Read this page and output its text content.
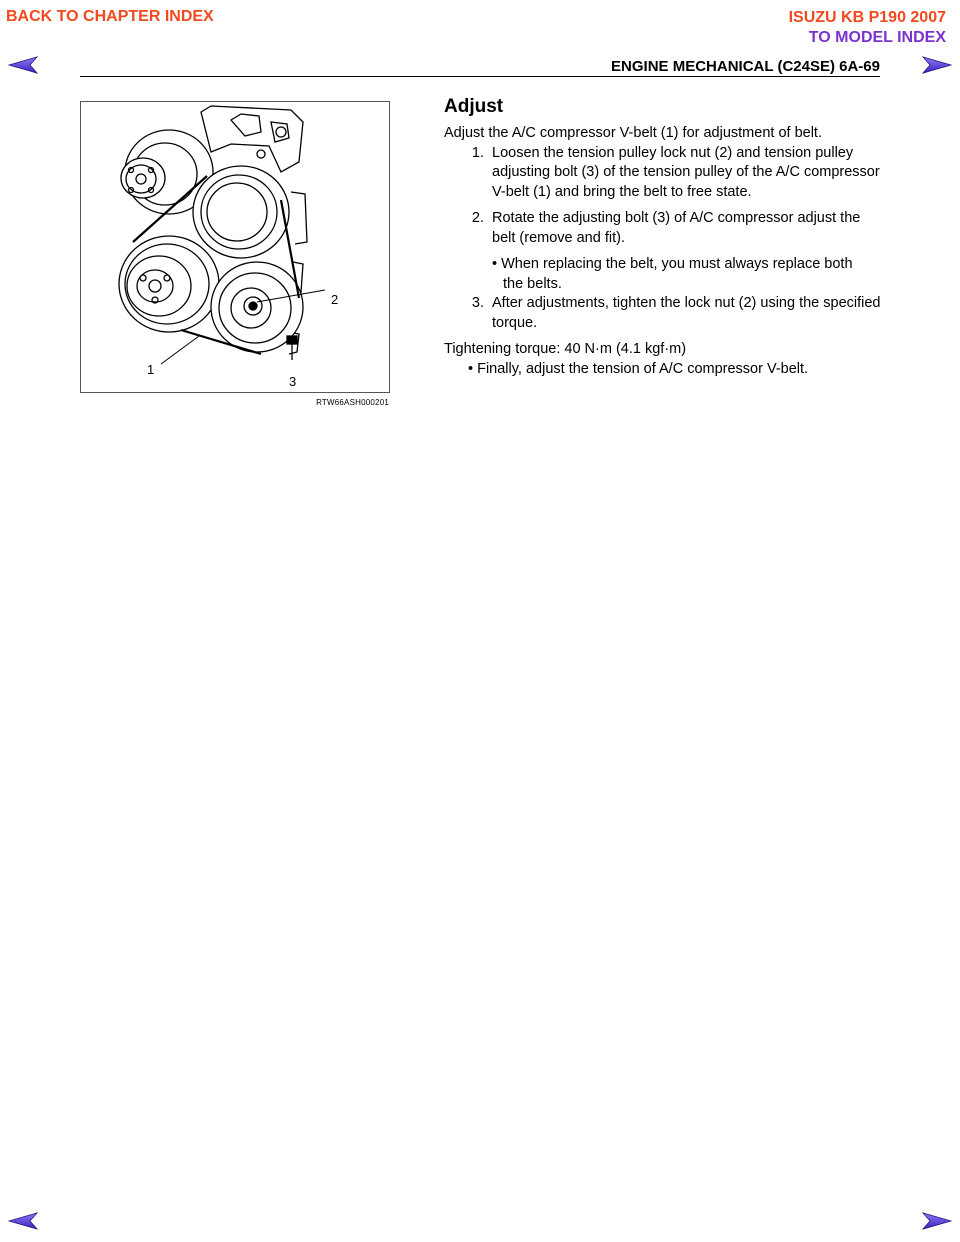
BACK TO CHAPTER INDEX	ISUZU KB P190 2007
TO MODEL INDEX
ENGINE MECHANICAL (C24SE) 6A-69
2
1
3
RTW66ASH000201
Adjust

Adjust the A/C compressor V-belt (1) for adjustment of belt.

1. Loosen the tension pulley lock nut (2) and tension pulley adjusting bolt (3) of the tension pulley of the A/C compressor V-belt (1) and bring the belt to free state.
2. Rotate the adjusting bolt (3) of A/C compressor adjust the belt (remove and fit).

• When replacing the belt, you must always replace both

the belts.

3. After adjustments, tighten the lock nut (2) using the specified torque.

Tightening torque: 40 N·m (4.1 kgf·m)

• Finally, adjust the tension of A/C compressor V-belt.
